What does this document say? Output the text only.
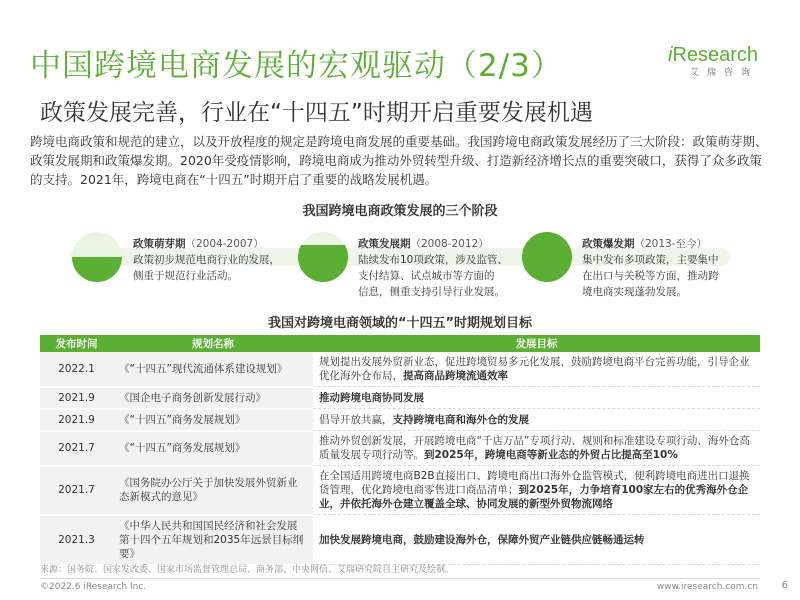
中国跨境电商发展的宏观驱动（2/3）
政策发展完善，行业在“十四五”时期开启重要发展机遇
iResearch
艾瑞咨询
跨境电商政策和规范的建立，以及开放程度的规定是跨境电商发展的重要基础。我国跨境电商政策发展经历了三大阶段：政策萌芽期、政策发展期和政策爆发期。2020年受疫情影响，跨境电商成为推动外贸转型升级、打造新经济增长点的重要突破口，获得了众多政策的支持。2021年，跨境电商在“十四五”时期开启了重要的战略发展机遇。
我国跨境电商政策发展的三个阶段
政策萌芽期（2004-2007）
政策初步规范电商行业的发展，
侧重于规范行业活动。
政策发展期（2008-2012）
陆续发布10项政策，涉及监管、
支付结算、试点城市等方面的
信息，侧重支持引导行业发展。
政策爆发期（2013-至今）
集中发布多项政策，主要集中
在出口与关税等方面，推动跨
境电商实现蓬勃发展。
我国对跨境电商领域的“十四五”时期规划目标
发布时间	规划名称	发展目标
2022.1	《“十四五”现代流通体系建设规划》	规划提出发展外贸新业态，促进跨境贸易多元化发展，鼓励跨境电商平台完善功能，引导企业优化海外仓布局，提高商品跨境流通效率
2021.9	《国企电子商务创新发展行动》	推动跨境电商协同发展
2021.9	《“十四五”商务发展规划》	倡导开放共赢，支持跨境电商和海外仓的发展
2021.7	《“十四五”商务发展规划》	推动外贸创新发展，开展跨境电商“千店万品”专项行动、规则和标准建设专项行动、海外仓高质量发展专项行动等。到2025年，跨境电商等新业态的外贸占比提高至10%
2021.7	《国务院办公厅关于加快发展外贸新业态新模式的意见》	在全国适用跨境电商B2B直接出口、跨境电商出口海外仓监管模式，便利跨境电商进出口退换货管理，优化跨境电商零售进口商品清单；到2025年，力争培育100家左右的优秀海外仓企业，并依托海外仓建立覆盖全球、协同发展的新型外贸物流网络
2021.3	《中华人民共和国国民经济和社会发展第十四个五年规划和2035年远景目标纲要》	加快发展跨境电商，鼓励建设海外仓，保障外贸产业链供应链畅通运转
来源：国务院、国家发改委、国家市场监督管理总局、商务部、中央网信、艾瑞研究院自主研究及绘制。
©2022.6 iResearch Inc.	www.iresearch.com.cn 6
